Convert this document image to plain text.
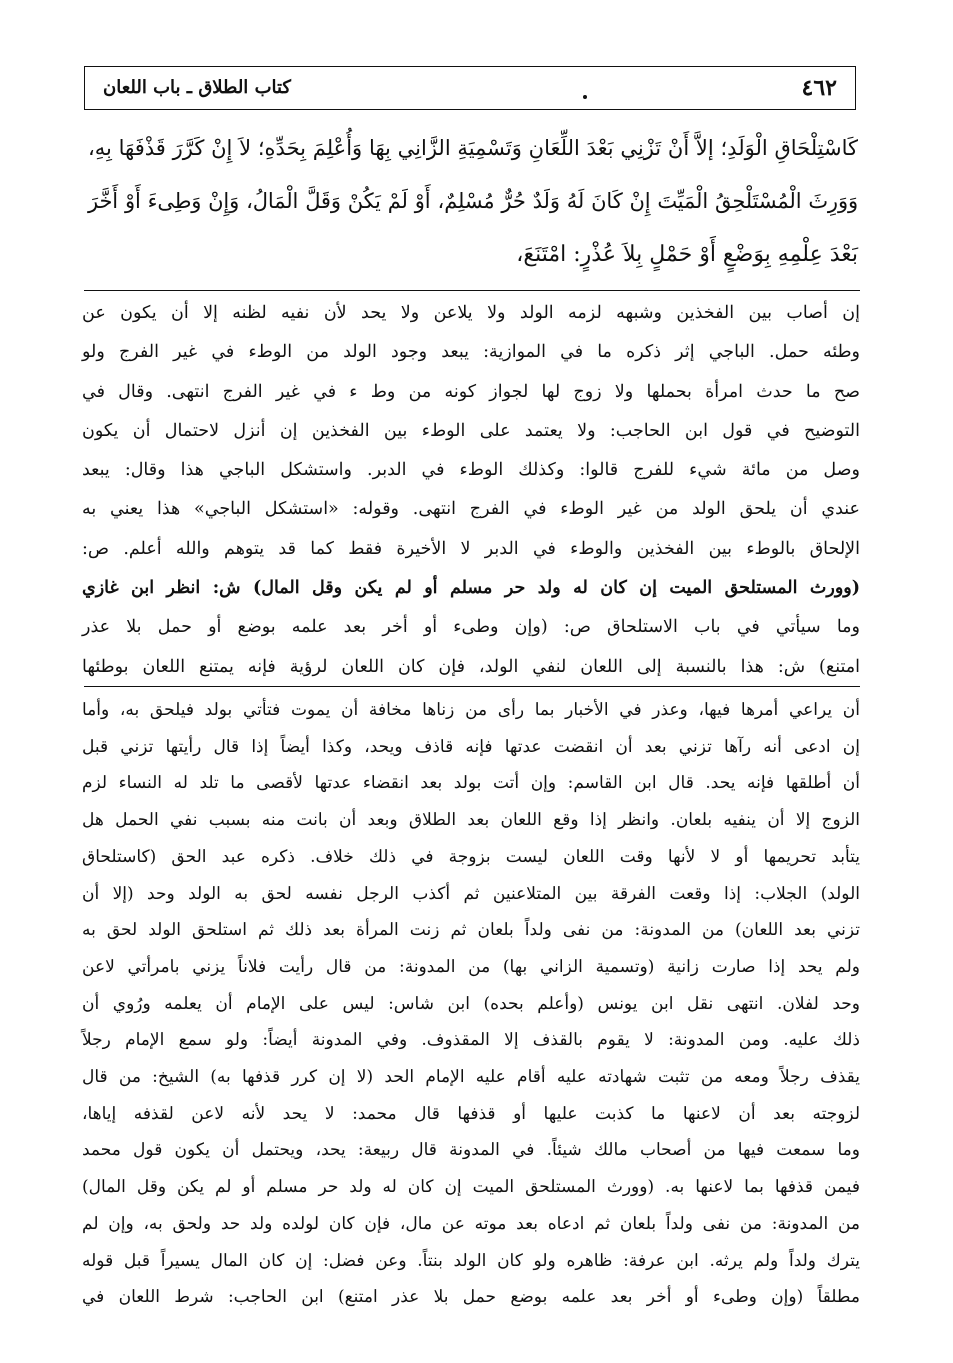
٤٦٢
كتاب الطلاق ـ باب اللعان
كَاسْتِلْحَاقِ الْوَلَدِ؛ إلاَّ أَنْ تَزْنِي بَعْدَ اللِّعَانِ وَتَسْمِيَةِ الزَّانِي بِهَا وَأُعْلِمَ بِحَدِّهِ؛ لاَ إِنْ كَرَّرَ قَذْفَهَا بِهِ،
وَوَرِثَ الْمُسْتَلْحِقُ الْمَيِّتَ إِنْ كَانَ لَهُ وَلَدٌ حُرٌّ مُسْلِمٌ، أَوْ لَمْ يَكُنْ وَقَلَّ الْمَالُ، وَإِنْ وَطِىءَ أَوْ أَخَّرَ
بَعْدَ عِلْمِهِ بِوَضْعٍ أَوْ حَمْلٍ بِلاَ عُذْرٍ: امْتَنَعَ،
إن أصاب بين الفخذين وشبهه لزمه الولد ولا يلاعن ولا يحد لأن نفيه لظنه إلا أن يكون عن
وطئه حمل. الباجي إثر ذكره ما في الموازية: يبعد وجود الولد من الوطء في غير الفرج ولو
صح ما حدث امرأة بحملها ولا زوج لها لجواز كونه من وط ء في غير الفرج انتهى. وقال في
التوضيح في قول ابن الحاجب: ولا يعتمد على الوطء بين الفخذين إن أنزل لاحتمال أن يكون
وصل من مائة شيء للفرج قالوا: وكذلك الوطء في الدبر. واستشكل الباجي هذا وقال: يبعد
عندي أن يلحق الولد من غير الوطء في الفرج انتهى. وقوله: «استشكل الباجي» هذا يعني به
الإلحاق بالوطء بين الفخذين والوطء في الدبر لا الأخيرة فقط كما قد يتوهم والله أعلم. ص:
(وورث المستلحق الميت إن كان له ولد حر مسلم أو لم يكن وقل المال) ش: انظر ابن غازي
وما سيأتي في باب الاستلحاق ص: (وإن وطىء أو أخر بعد علمه بوضع أو حمل بلا عذر
امتنع) ش: هذا بالنسبة إلى اللعان لنفي الولد، فإن كان اللعان لرؤية فإنه يمتنع اللعان بوطئها
أن يراعي أمرها فيها، وعذر في الأخبار بما رأى من زناها مخافة أن يموت فتأتي بولد فيلحق به، وأما
إن ادعى أنه رآها تزني بعد أن انقضت عدتها فإنه قاذف ويحد، وكذا أيضاً إذا قال رأيتها تزني قبل
أن أطلقها فإنه يحد. قال ابن القاسم: وإن أتت بولد بعد انقضاء عدتها لأقصى ما تلد له النساء لزم
الزوج إلا أن ينفيه بلعان. وانظر إذا وقع اللعان بعد الطلاق وبعد أن بانت منه بسبب نفي الحمل هل
يتأبد تحريمها أو لا لأنها وقت اللعان ليست بزوجة في ذلك خلاف. ذكره عبد الحق (كاستلحاق
الولد) الجلاب: إذا وقعت الفرقة بين المتلاعنين ثم أكذب الرجل نفسه لحق به الولد وحد (إلا أن
تزني بعد اللعان) من المدونة: من نفى ولداً بلعان ثم زنت المرأة بعد ذلك ثم استلحق الولد لحق به
ولم يحد إذا صارت زانية (وتسمية الزاني بها) من المدونة: من قال رأيت فلاناً يزني بامرأتي لاعن
وحد لفلان. انتهى نقل ابن يونس (وأعلم بحده) ابن شاس: ليس على الإمام أن يعلمه ورُوي أن
ذلك عليه. ومن المدونة: لا يقوم بالقذف إلا المقذوف. وفي المدونة أيضاً: ولو سمع الإمام رجلاً
يقذف رجلاً ومعه من تثبت شهادته عليه أقام عليه الإمام الحد (لا إن كرر قذفها به) الشيخ: من قال
لزوجته بعد أن لاعنها ما كذبت عليها أو قذفها قال محمد: لا يحد لأنه لاعن لقذفه إياها،
وما سمعت فيها من أصحاب مالك شيئاً. في المدونة قال ربيعة: يحد، ويحتمل أن يكون قول محمد
فيمن قذفها بما لاعنها به. (وورث المستلحق الميت إن كان له ولد حر مسلم أو لم يكن وقل المال)
من المدونة: من نفى ولداً بلعان ثم ادعاه بعد موته عن مال، فإن كان لولده ولد حد ولحق به، وإن لم
يترك ولداً ولم يرثه. ابن عرفة: ظاهره ولو كان الولد بنتاً. وعن فضل: إن كان المال يسيراً قبل قوله
مطلقاً (وإن وطىء أو أخر بعد علمه بوضع حمل بلا عذر امتنع) ابن الحاجب: شرط اللعان في
